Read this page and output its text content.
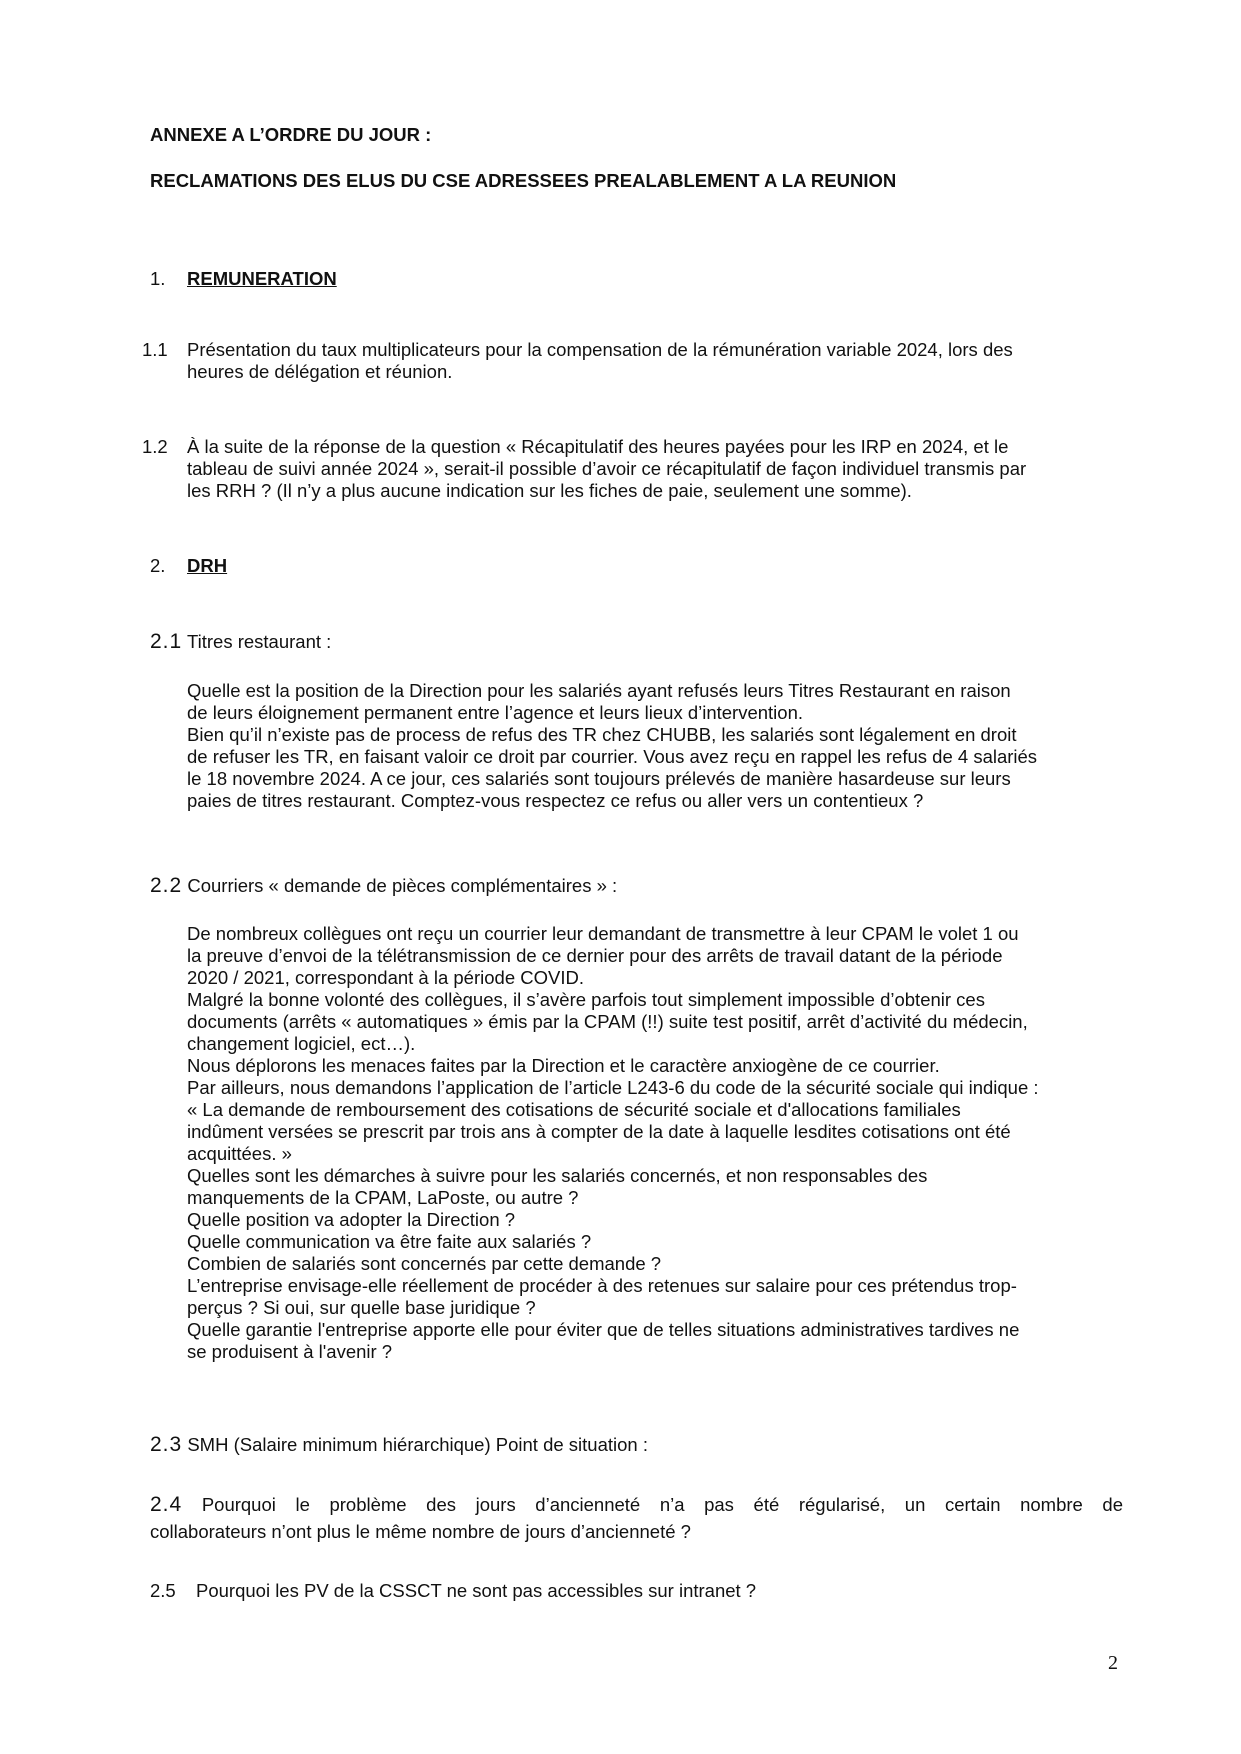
ANNEXE A L’ORDRE DU JOUR :
RECLAMATIONS DES ELUS DU CSE ADRESSEES PREALABLEMENT A LA REUNION
1. REMUNERATION
1.1 Présentation du taux multiplicateurs pour la compensation de la rémunération variable 2024, lors des

heures de délégation et réunion.

1.2 À la suite de la réponse de la question « Récapitulatif des heures payées pour les IRP en 2024, et le

tableau de suivi année 2024 », serait-il possible d’avoir ce récapitulatif de façon individuel transmis par

les RRH ? (Il n’y a plus aucune indication sur les fiches de paie, seulement une somme).

2. DRH
2.1 Titres restaurant :

Quelle est la position de la Direction pour les salariés ayant refusés leurs Titres Restaurant en raison

de leurs éloignement permanent entre l’agence et leurs lieux d’intervention.

Bien qu’il n’existe pas de process de refus des TR chez CHUBB, les salariés sont légalement en droit

de refuser les TR, en faisant valoir ce droit par courrier. Vous avez reçu en rappel les refus de 4 salariés

le 18 novembre 2024. A ce jour, ces salariés sont toujours prélevés de manière hasardeuse sur leurs

paies de titres restaurant. Comptez-vous respectez ce refus ou aller vers un contentieux ?

2.2 Courriers « demande de pièces complémentaires » :

De nombreux collègues ont reçu un courrier leur demandant de transmettre à leur CPAM le volet 1 ou

la preuve d’envoi de la télétransmission de ce dernier pour des arrêts de travail datant de la période

2020 / 2021, correspondant à la période COVID.

Malgré la bonne volonté des collègues, il s’avère parfois tout simplement impossible d’obtenir ces

documents (arrêts « automatiques » émis par la CPAM (!!) suite test positif, arrêt d’activité du médecin,

changement logiciel, ect…).

Nous déplorons les menaces faites par la Direction et le caractère anxiogène de ce courrier.

Par ailleurs, nous demandons l’application de l’article L243-6 du code de la sécurité sociale qui indique :

« La demande de remboursement des cotisations de sécurité sociale et d'allocations familiales

indûment versées se prescrit par trois ans à compter de la date à laquelle lesdites cotisations ont été

acquittées. »

Quelles sont les démarches à suivre pour les salariés concernés, et non responsables des

manquements de la CPAM, LaPoste, ou autre ?

Quelle position va adopter la Direction ?

Quelle communication va être faite aux salariés ?

Combien de salariés sont concernés par cette demande ?

L’entreprise envisage-elle réellement de procéder à des retenues sur salaire pour ces prétendus trop-

perçus ? Si oui, sur quelle base juridique ?

Quelle garantie l'entreprise apporte elle pour éviter que de telles situations administratives tardives ne

se produisent à l'avenir ?

2.3 SMH (Salaire minimum hiérarchique) Point de situation :
2.4 Pourquoi le problème des jours d’ancienneté n’a pas été régularisé, un certain nombre de
collaborateurs n’ont plus le même nombre de jours d’ancienneté ?
2.5 Pourquoi les PV de la CSSCT ne sont pas accessibles sur intranet ?
2
